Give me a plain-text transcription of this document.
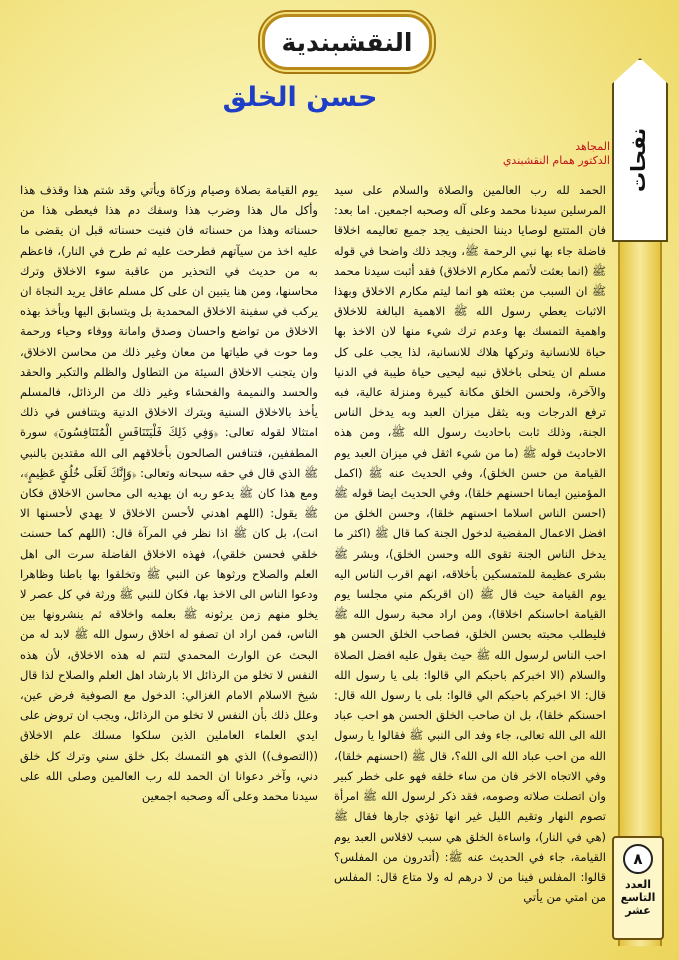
النقشبندية
حسن الخلق
نفحات
٨
العدد
التاسع
عشر
المجاهد
الدكتور همام النقشبندي

الحمد لله رب العالمين والصلاة والسلام على سيد المرسلين سيدنا محمد وعلى آله وصحبه اجمعين. اما بعد: فان المتتبع لوصايا ديننا الحنيف يجد جميع تعاليمه اخلاقا فاضلة جاء بها نبي الرحمة ﷺ، ويجد ذلك واضحا في قوله ﷺ (انما بعثت لأتمم مكارم الاخلاق) فقد أثبت سيدنا محمد ﷺ ان السبب من بعثته هو انما ليتم مكارم الاخلاق وبهذا الاثبات يعطي رسول الله ﷺ الاهمية البالغة للاخلاق واهمية التمسك بها وعدم ترك شيء منها لان الاخذ بها حياة للانسانية وتركها هلاك للانسانية، لذا يجب على كل مسلم ان يتحلى باخلاق نبيه ليحيى حياة طيبة في الدنيا والآخرة، ولحسن الخلق مكانة كبيرة ومنزلة عالية، فبه ترفع الدرجات وبه يثقل ميزان العبد وبه يدخل الناس الجنة، وذلك ثابت باحاديث رسول الله ﷺ، ومن هذه الاحاديث قوله ﷺ (ما من شيء اثقل في ميزان العبد يوم القيامة من حسن الخلق)، وفي الحديث عنه ﷺ (اكمل المؤمنين ايمانا احسنهم خلقا)، وفي الحديث ايضا قوله ﷺ (احسن الناس اسلاما احسنهم خلقا)، وحسن الخلق من افضل الاعمال المفضية لدخول الجنة كما قال ﷺ (اكثر ما يدخل الناس الجنة تقوى الله وحسن الخلق)، وبشر ﷺ بشرى عظيمة للمتمسكين بأخلاقه، انهم اقرب الناس اليه يوم القيامة حيث قال ﷺ (ان اقربكم مني مجلسا يوم القيامة احاسنكم اخلاقا)، ومن اراد محبة رسول الله ﷺ فليطلب محبته بحسن الخلق، فصاحب الخلق الحسن هو احب الناس لرسول الله ﷺ حيث يقول عليه افضل الصلاة والسلام (الا اخبركم باحبكم الي قالوا: بلى يا رسول الله قال: الا اخبركم باحبكم الي قالوا: بلى يا رسول الله قال: احسنكم خلقا)، بل ان صاحب الخلق الحسن هو احب عباد الله الى الله تعالى، جاء وفد الى النبي ﷺ فقالوا يا رسول الله من احب عباد الله الى الله؟، قال ﷺ (احسنهم خلقا)، وفي الاتجاه الاخر فان من ساء خلقه فهو على خطر كبير وان اتصلت صلاته وصومه، فقد ذكر لرسول الله ﷺ امرأة تصوم النهار وتقيم الليل غير انها تؤذي جارها فقال ﷺ (هي في النار)، واساءة الخلق هي سبب لافلاس العبد يوم القيامة، جاء في الحديث عنه ﷺ: (أتدرون من المفلس؟ قالوا: المفلس فينا من لا درهم له ولا متاع قال: المفلس من امتي من يأتي

يوم القيامة بصلاة وصيام وزكاة ويأتي وقد شتم هذا وقذف هذا وأكل مال هذا وضرب هذا وسفك دم هذا فيعطى هذا من حسناته وهذا من حسناته فان فنيت حسناته قبل ان يقضى ما عليه اخذ من سيآتهم فطرحت عليه ثم طرح في النار)، فاعظم به من حديث في التحذير من عاقبة سوء الاخلاق وترك محاسنها، ومن هنا يتبين ان على كل مسلم عاقل يريد النجاة ان يركب في سفينة الاخلاق المحمدية بل ويتسابق اليها ويأخذ بهذه الاخلاق من تواضع واحسان وصدق وامانة ووفاء وحياء ورحمة وما حوت في طياتها من معان وغير ذلك من محاسن الاخلاق، وان يتجنب الاخلاق السيئة من التطاول والظلم والتكبر والحقد والحسد والنميمة والفحشاء وغير ذلك من الرذائل، فالمسلم يأخذ بالاخلاق السنية ويترك الاخلاق الدنية ويتنافس في ذلك امتثالا لقوله تعالى: ﴿وَفِي ذَلِكَ فَلْيَتَنَافَسِ الْمُتَنَافِسُونَ﴾ سورة المطففين، فتنافس الصالحون بأخلاقهم الى الله مقتدين بالنبي ﷺ الذي قال في حقه سبحانه وتعالى: ﴿وَإِنَّكَ لَعَلَى خُلُقٍ عَظِيمٍ﴾، ومع هذا كان ﷺ يدعو ربه ان يهديه الى محاسن الاخلاق فكان ﷺ يقول: (اللهم اهدني لأحسن الاخلاق لا يهدي لأحسنها الا انت)، بل كان ﷺ اذا نظر في المرآة قال: (اللهم كما حسنت خلقي فحسن خلقي)، فهذه الاخلاق الفاضلة سرت الى اهل العلم والصلاح ورثوها عن النبي ﷺ وتخلقوا بها باطنا وظاهرا ودعوا الناس الى الاخذ بها، فكان للنبي ﷺ ورثة في كل عصر لا يخلو منهم زمن يرثونه ﷺ بعلمه واخلاقه ثم ينشرونها بين الناس، فمن اراد ان تصفو له اخلاق رسول الله ﷺ لابد له من البحث عن الوارث المحمدي لتتم له هذه الاخلاق، لأن هذه النفس لا تخلو من الرذائل الا بارشاد اهل العلم والصلاح لذا قال شيخ الاسلام الامام الغزالي: الدخول مع الصوفية فرض عين، وعلل ذلك بأن النفس لا تخلو من الرذائل، ويجب ان تروض على ايدي العلماء العاملين الذين سلكوا مسلك علم الاخلاق ((التصوف)) الذي هو التمسك بكل خلق سني وترك كل خلق دني، وآخر دعوانا ان الحمد لله رب العالمين وصلى الله على سيدنا محمد وعلى آله وصحبه اجمعين
